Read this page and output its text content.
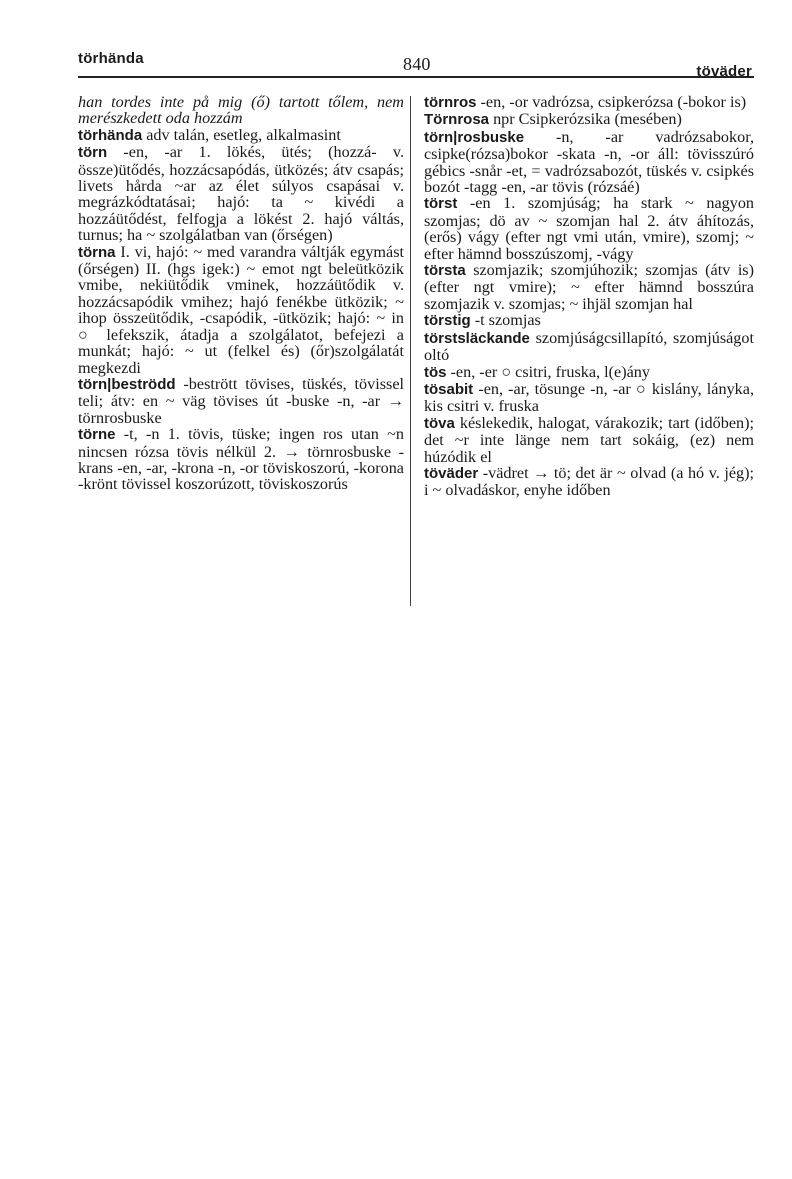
törhända	840	töväder

han tordes inte på mig (ő) tartott tőlem, nem merészkedett oda hozzám

törhända adv talán, esetleg, alkalmasint

törn -en, -ar 1. lökés, ütés; (hozzá- v. össze)ütődés, hozzácsapódás, ütközés; átv csapás; livets hårda ~ar az élet súlyos csapásai v. megrázkódtatásai; hajó: ta ~ kivédi a hozzáütődést, felfogja a lökést 2. hajó váltás, turnus; ha ~ szolgálatban van (őrségen)

törna I. vi, hajó: ~ med varandra váltják egymást (őrségen) II. (hgs igek:) ~ emot ngt beleütközik vmibe, nekiütődik vminek, hozzáütődik v. hozzácsapódik vmihez; hajó fenékbe ütközik; ~ ihop összeütődik, -csapódik, -ütközik; hajó: ~ in ○ lefekszik, átadja a szolgálatot, befejezi a munkát; hajó: ~ ut (felkel és) (őr)szolgálatát megkezdi

törn|beströdd -bestrött tövises, tüskés, tövissel teli; átv: en ~ väg tövises út -buske -n, -ar → törnrosbuske

törne -t, -n 1. tövis, tüske; ingen ros utan ~n nincsen rózsa tövis nélkül 2. → törnrosbuske -krans -en, -ar, -krona -n, -or töviskoszorú, -korona -krönt tövissel koszorúzott, töviskoszorús

törnros -en, -or vadrózsa, csipkerózsa (-bokor is)

Törnrosa npr Csipkerózsika (mesében)

törn|rosbuske -n, -ar vadrózsabokor, csipke(rózsa)bokor -skata -n, -or áll: tövisszúró gébics -snår -et, = vadrózsabozót, tüskés v. csipkés bozót -tagg -en, -ar tövis (rózsáé)

törst -en 1. szomjúság; ha stark ~ nagyon szomjas; dö av ~ szomjan hal 2. átv áhítozás, (erős) vágy (efter ngt vmi után, vmire), szomj; ~ efter hämnd bosszúszomj, -vágy

törsta szomjazik; szomjúhozik; szomjas (átv is) (efter ngt vmire); ~ efter hämnd bosszúra szomjazik v. szomjas; ~ ihjäl szomjan hal

törstig -t szomjas

törstsläckande szomjúságcsillapító, szomjúságot oltó

tös -en, -er ○ csitri, fruska, l(e)ány

tösabit -en, -ar, tösunge -n, -ar ○ kislány, lányka, kis csitri v. fruska

töva késlekedik, halogat, várakozik; tart (időben); det ~r inte länge nem tart sokáig, (ez) nem húzódik el

töväder -vädret → tö; det är ~ olvad (a hó v. jég); i ~ olvadáskor, enyhe időben
